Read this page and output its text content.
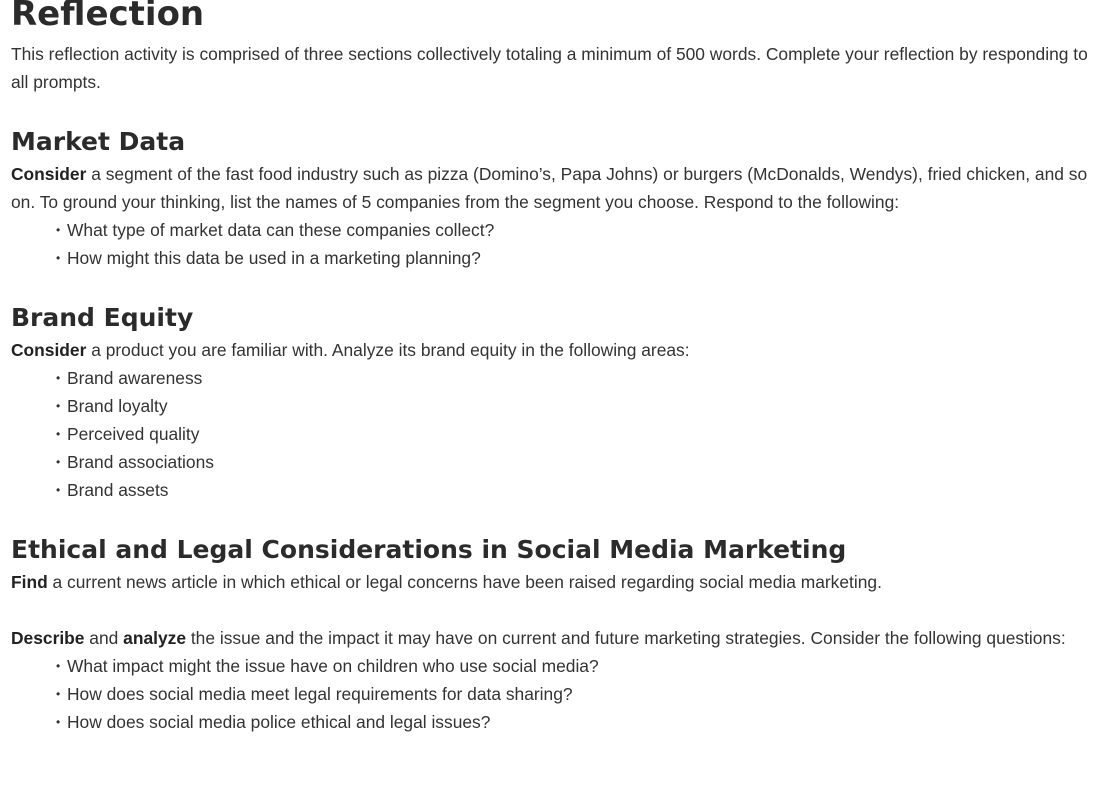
Reflection

This reflection activity is comprised of three sections collectively totaling a minimum of 500 words. Complete your reflection by responding to all prompts.

Market Data

Consider a segment of the fast food industry such as pizza (Domino’s, Papa Johns) or burgers (McDonalds, Wendys), fried chicken, and so on. To ground your thinking, list the names of 5 companies from the segment you choose. Respond to the following:

• What type of market data can these companies collect?
• How might this data be used in a marketing planning?
Brand Equity

Consider a product you are familiar with. Analyze its brand equity in the following areas:

• Brand awareness
• Brand loyalty
• Perceived quality
• Brand associations
• Brand assets
Ethical and Legal Considerations in Social Media Marketing

Find a current news article in which ethical or legal concerns have been raised regarding social media marketing.

Describe and analyze the issue and the impact it may have on current and future marketing strategies. Consider the following questions:

• What impact might the issue have on children who use social media?
• How does social media meet legal requirements for data sharing?
• How does social media police ethical and legal issues?
